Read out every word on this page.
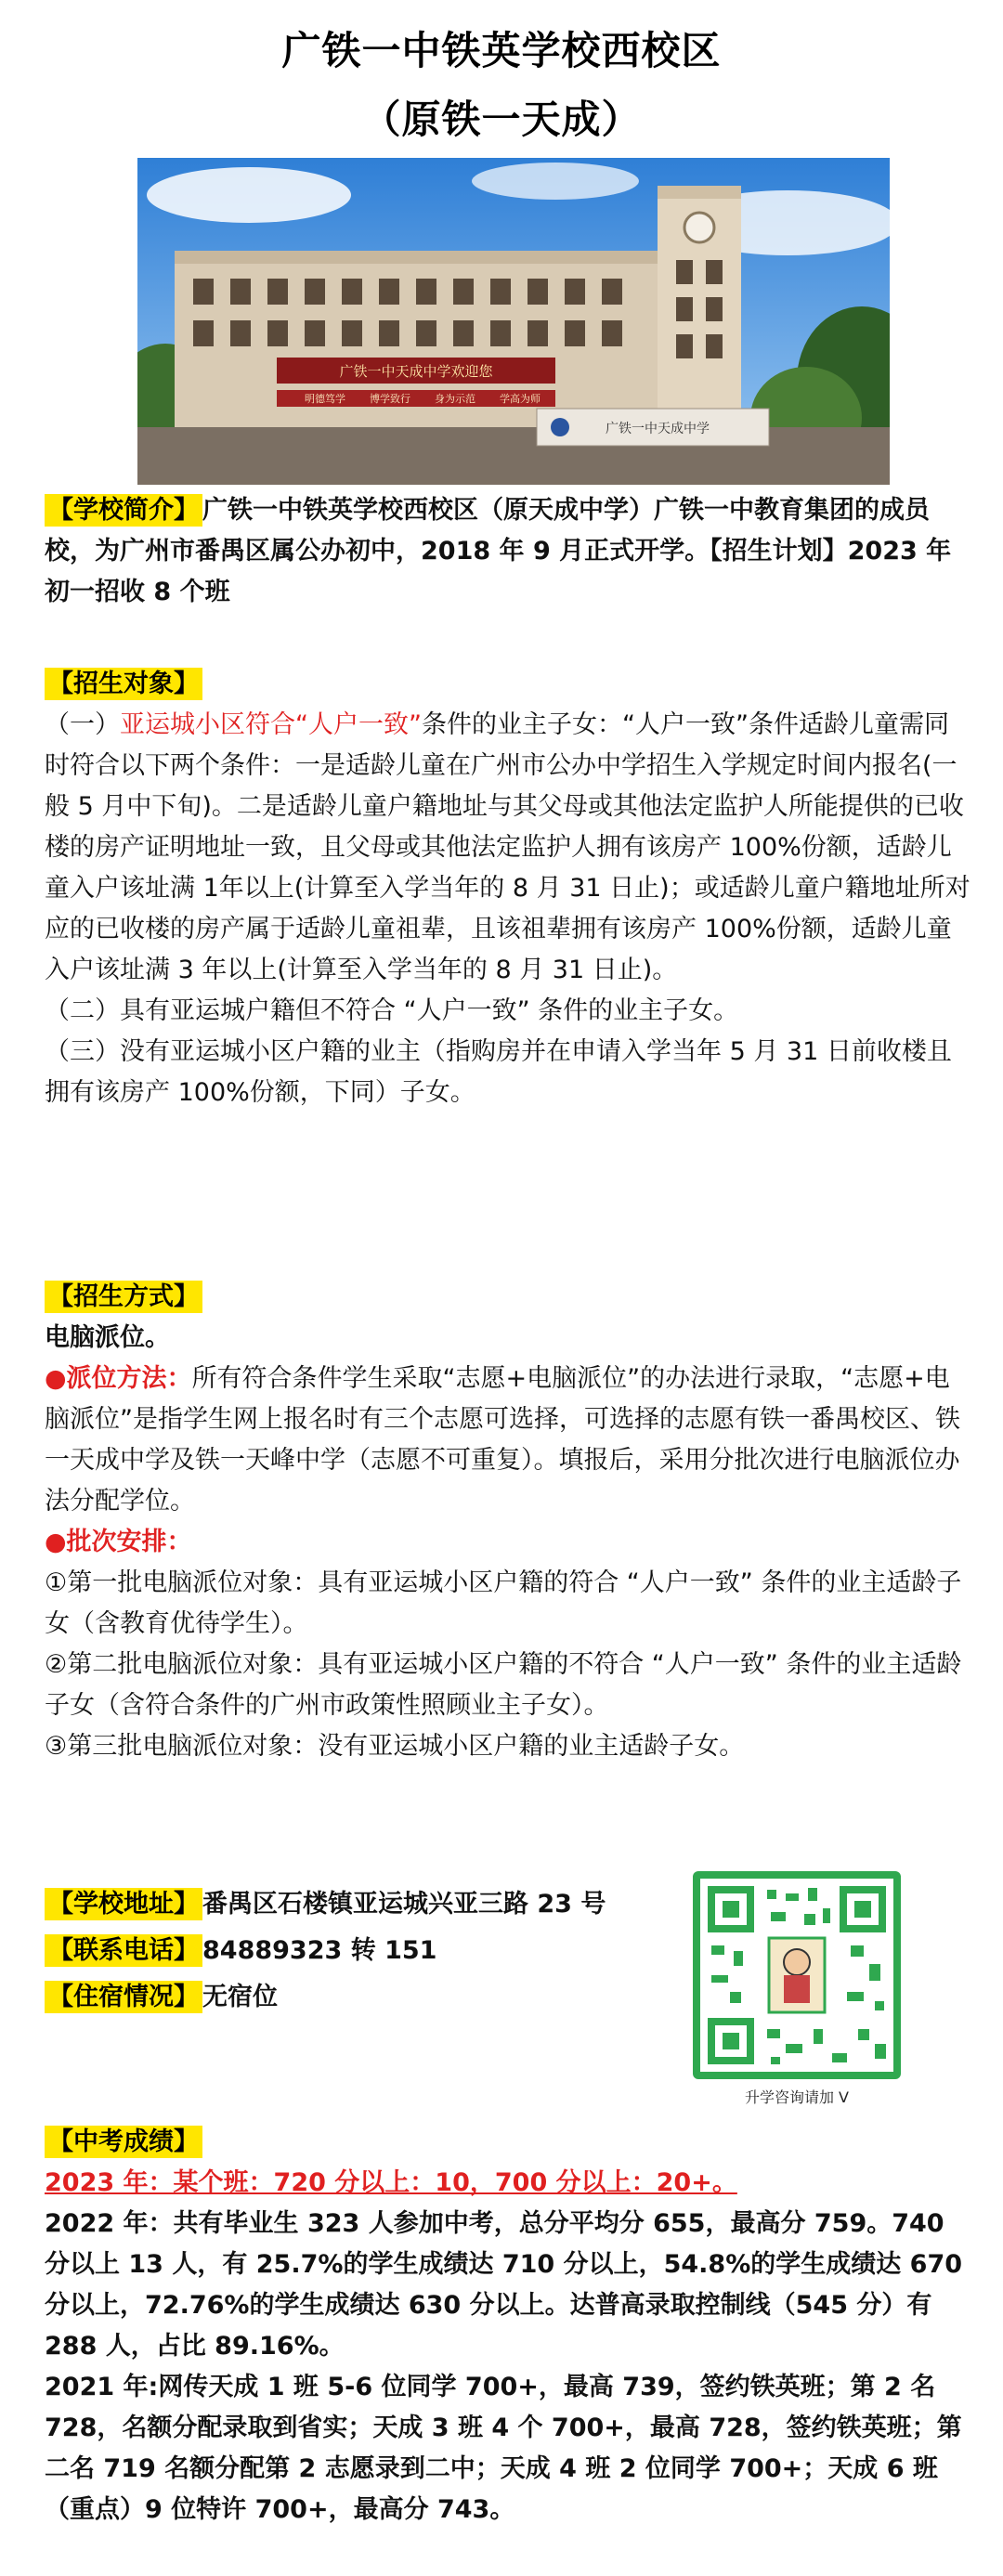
广铁一中铁英学校西校区
（原铁一天成）
广铁一中天成中学欢迎您
明德笃学 博学致行 身为示范 学高为师
广铁一中天成中学

【学校简介】 广铁一中铁英学校西校区（原天成中学）广铁一中教育集团的成员校，为广州市番禺区属公办初中，2018 年 9 月正式开学。【招生计划】2023 年初一招收 8 个班

【招生对象】

（一）亚运城小区符合“人户一致”条件的业主子女：“人户一致”条件适龄儿童需同时符合以下两个条件：一是适龄儿童在广州市公办中学招生入学规定时间内报名(一般 5 月中下旬)。二是适龄儿童户籍地址与其父母或其他法定监护人所能提供的已收楼的房产证明地址一致，且父母或其他法定监护人拥有该房产 100%份额，适龄儿童入户该址满 1年以上(计算至入学当年的 8 月 31 日止)；或适龄儿童户籍地址所对应的已收楼的房产属于适龄儿童祖辈，且该祖辈拥有该房产 100%份额，适龄儿童入户该址满 3 年以上(计算至入学当年的 8 月 31 日止)。

（二）具有亚运城户籍但不符合 “人户一致” 条件的业主子女。

（三）没有亚运城小区户籍的业主（指购房并在申请入学当年 5 月 31 日前收楼且拥有该房产 100%份额，下同）子女。

【招生方式】

电脑派位。

●派位方法：所有符合条件学生采取“志愿+电脑派位”的办法进行录取，“志愿+电脑派位”是指学生网上报名时有三个志愿可选择，可选择的志愿有铁一番禺校区、铁一天成中学及铁一天峰中学（志愿不可重复）。填报后，采用分批次进行电脑派位办法分配学位。

●批次安排：

①第一批电脑派位对象：具有亚运城小区户籍的符合 “人户一致” 条件的业主适龄子女（含教育优待学生）。

②第二批电脑派位对象：具有亚运城小区户籍的不符合 “人户一致” 条件的业主适龄子女（含符合条件的广州市政策性照顾业主子女）。

③第三批电脑派位对象：没有亚运城小区户籍的业主适龄子女。

【学校地址】 番禺区石楼镇亚运城兴亚三路 23 号

【联系电话】 84889323 转 151

【住宿情况】 无宿位

升学咨询请加 V

【中考成绩】

2023 年：某个班：720 分以上：10，700 分以上：20+。

2022 年：共有毕业生 323 人参加中考，总分平均分 655，最高分 759。740 分以上 13 人，有 25.7%的学生成绩达 710 分以上，54.8%的学生成绩达 670 分以上，72.76%的学生成绩达 630 分以上。达普高录取控制线（545 分）有 288 人，占比 89.16%。

2021 年:网传天成 1 班 5-6 位同学 700+，最高 739，签约铁英班；第 2 名 728，名额分配录取到省实；天成 3 班 4 个 700+，最高 728，签约铁英班；第二名 719 名额分配第 2 志愿录到二中；天成 4 班 2 位同学 700+；天成 6 班（重点）9 位特许 700+，最高分 743。
